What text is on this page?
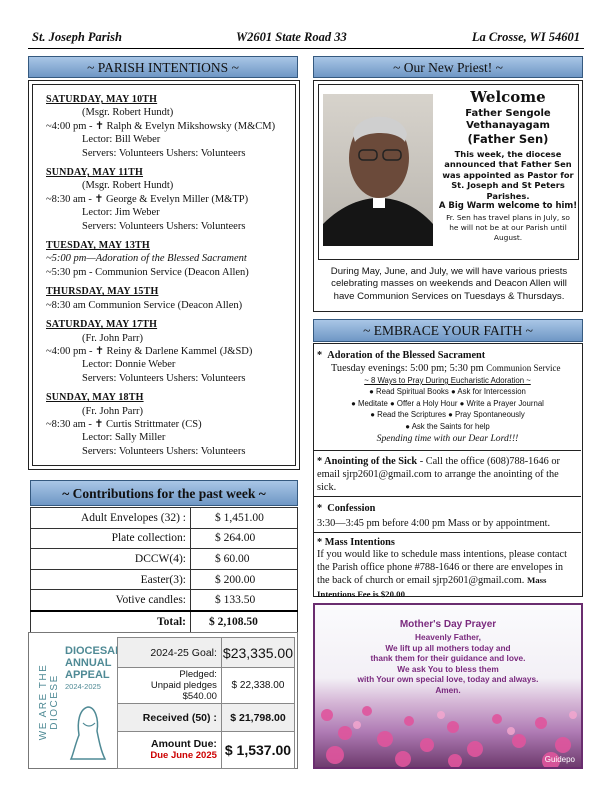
St. Joseph Parish	W2601 State Road 33	La Crosse, WI 54601
~ PARISH INTENTIONS ~
SATURDAY, MAY 10TH
(Msgr. Robert Hundt)
~4:00 pm - ✝ Ralph & Evelyn Mikshowsky (M&CM)
Lector: Bill Weber
Servers: Volunteers Ushers: Volunteers
SUNDAY, MAY 11TH
(Msgr. Robert Hundt)
~8:30 am - ✝ George & Evelyn Miller (M&TP)
Lector: Jim Weber
Servers: Volunteers Ushers: Volunteers
TUESDAY, MAY 13TH
~5:00 pm—Adoration of the Blessed Sacrament
~5:30 pm - Communion Service (Deacon Allen)
THURSDAY, MAY 15TH
~8:30 am Communion Service (Deacon Allen)
SATURDAY, MAY 17TH
(Fr. John Parr)
~4:00 pm - ✝ Reiny & Darlene Kammel (J&SD)
Lector: Donnie Weber
Servers: Volunteers Ushers: Volunteers
SUNDAY, MAY 18TH
(Fr. John Parr)
~8:30 am - ✝ Curtis Strittmater (CS)
Lector: Sally Miller
Servers: Volunteers Ushers: Volunteers
~ Contributions for the past week ~
Adult Envelopes (32) :	$ 1,451.00
Plate collection:	$ 264.00
DCCW(4):	$ 60.00
Easter(3):	$ 200.00
Votive candles:	$ 133.50
Total:	$ 2,108.50
WE ARE THE DIOCESE
DIOCESAN
ANNUAL
APPEAL
2024-2025
2024-25 Goal:	$23,335.00

Pledged:
Unpaid pledges $540.00	$ 22,338.00
Received (50) :	$ 21,798.00

Amount Due:
Due June 2025	$ 1,537.00
~ Our New Priest! ~
Welcome
Father Sengole
Vethanayagam
(Father Sen)
This week, the diocese announced that Father Sen was appointed as Pastor for St. Joseph and St Peters Parishes.
A Big Warm welcome to him!
Fr. Sen has travel plans in July, so he will not be at our Parish until August.
During May, June, and July, we will have various priests celebrating masses on weekends and Deacon Allen will have Communion Services on Tuesdays & Thursdays.
~ EMBRACE YOUR FAITH ~
*  Adoration of the Blessed Sacrament
Tuesday evenings: 5:00 pm; 5:30 pm Communion Service
~ 8 Ways to Pray During Eucharistic Adoration ~
● Read Spiritual Books ● Ask for Intercession
● Meditate ● Offer a Holy Hour ● Write a Prayer Journal
● Read the Scriptures ● Pray Spontaneously
● Ask the Saints for help
Spending time with our Dear Lord!!!
* Anointing of the Sick - Call the office (608)788-1646 or email sjrp2601@gmail.com to arrange the anointing of the sick.
*  Confession
3:30—3:45 pm before 4:00 pm Mass or by appointment.
* Mass Intentions
If you would like to schedule mass intentions, please contact the Parish office phone #788-1646 or there are envelopes in the back of church or email sjrp2601@gmail.com. Mass Intentions Fee is $20.00
Mother's Day Prayer
Heavenly Father,
We lift up all mothers today and
thank them for their guidance and love.
We ask You to bless them
with Your own special love, today and always.
Amen.
Guidepo
